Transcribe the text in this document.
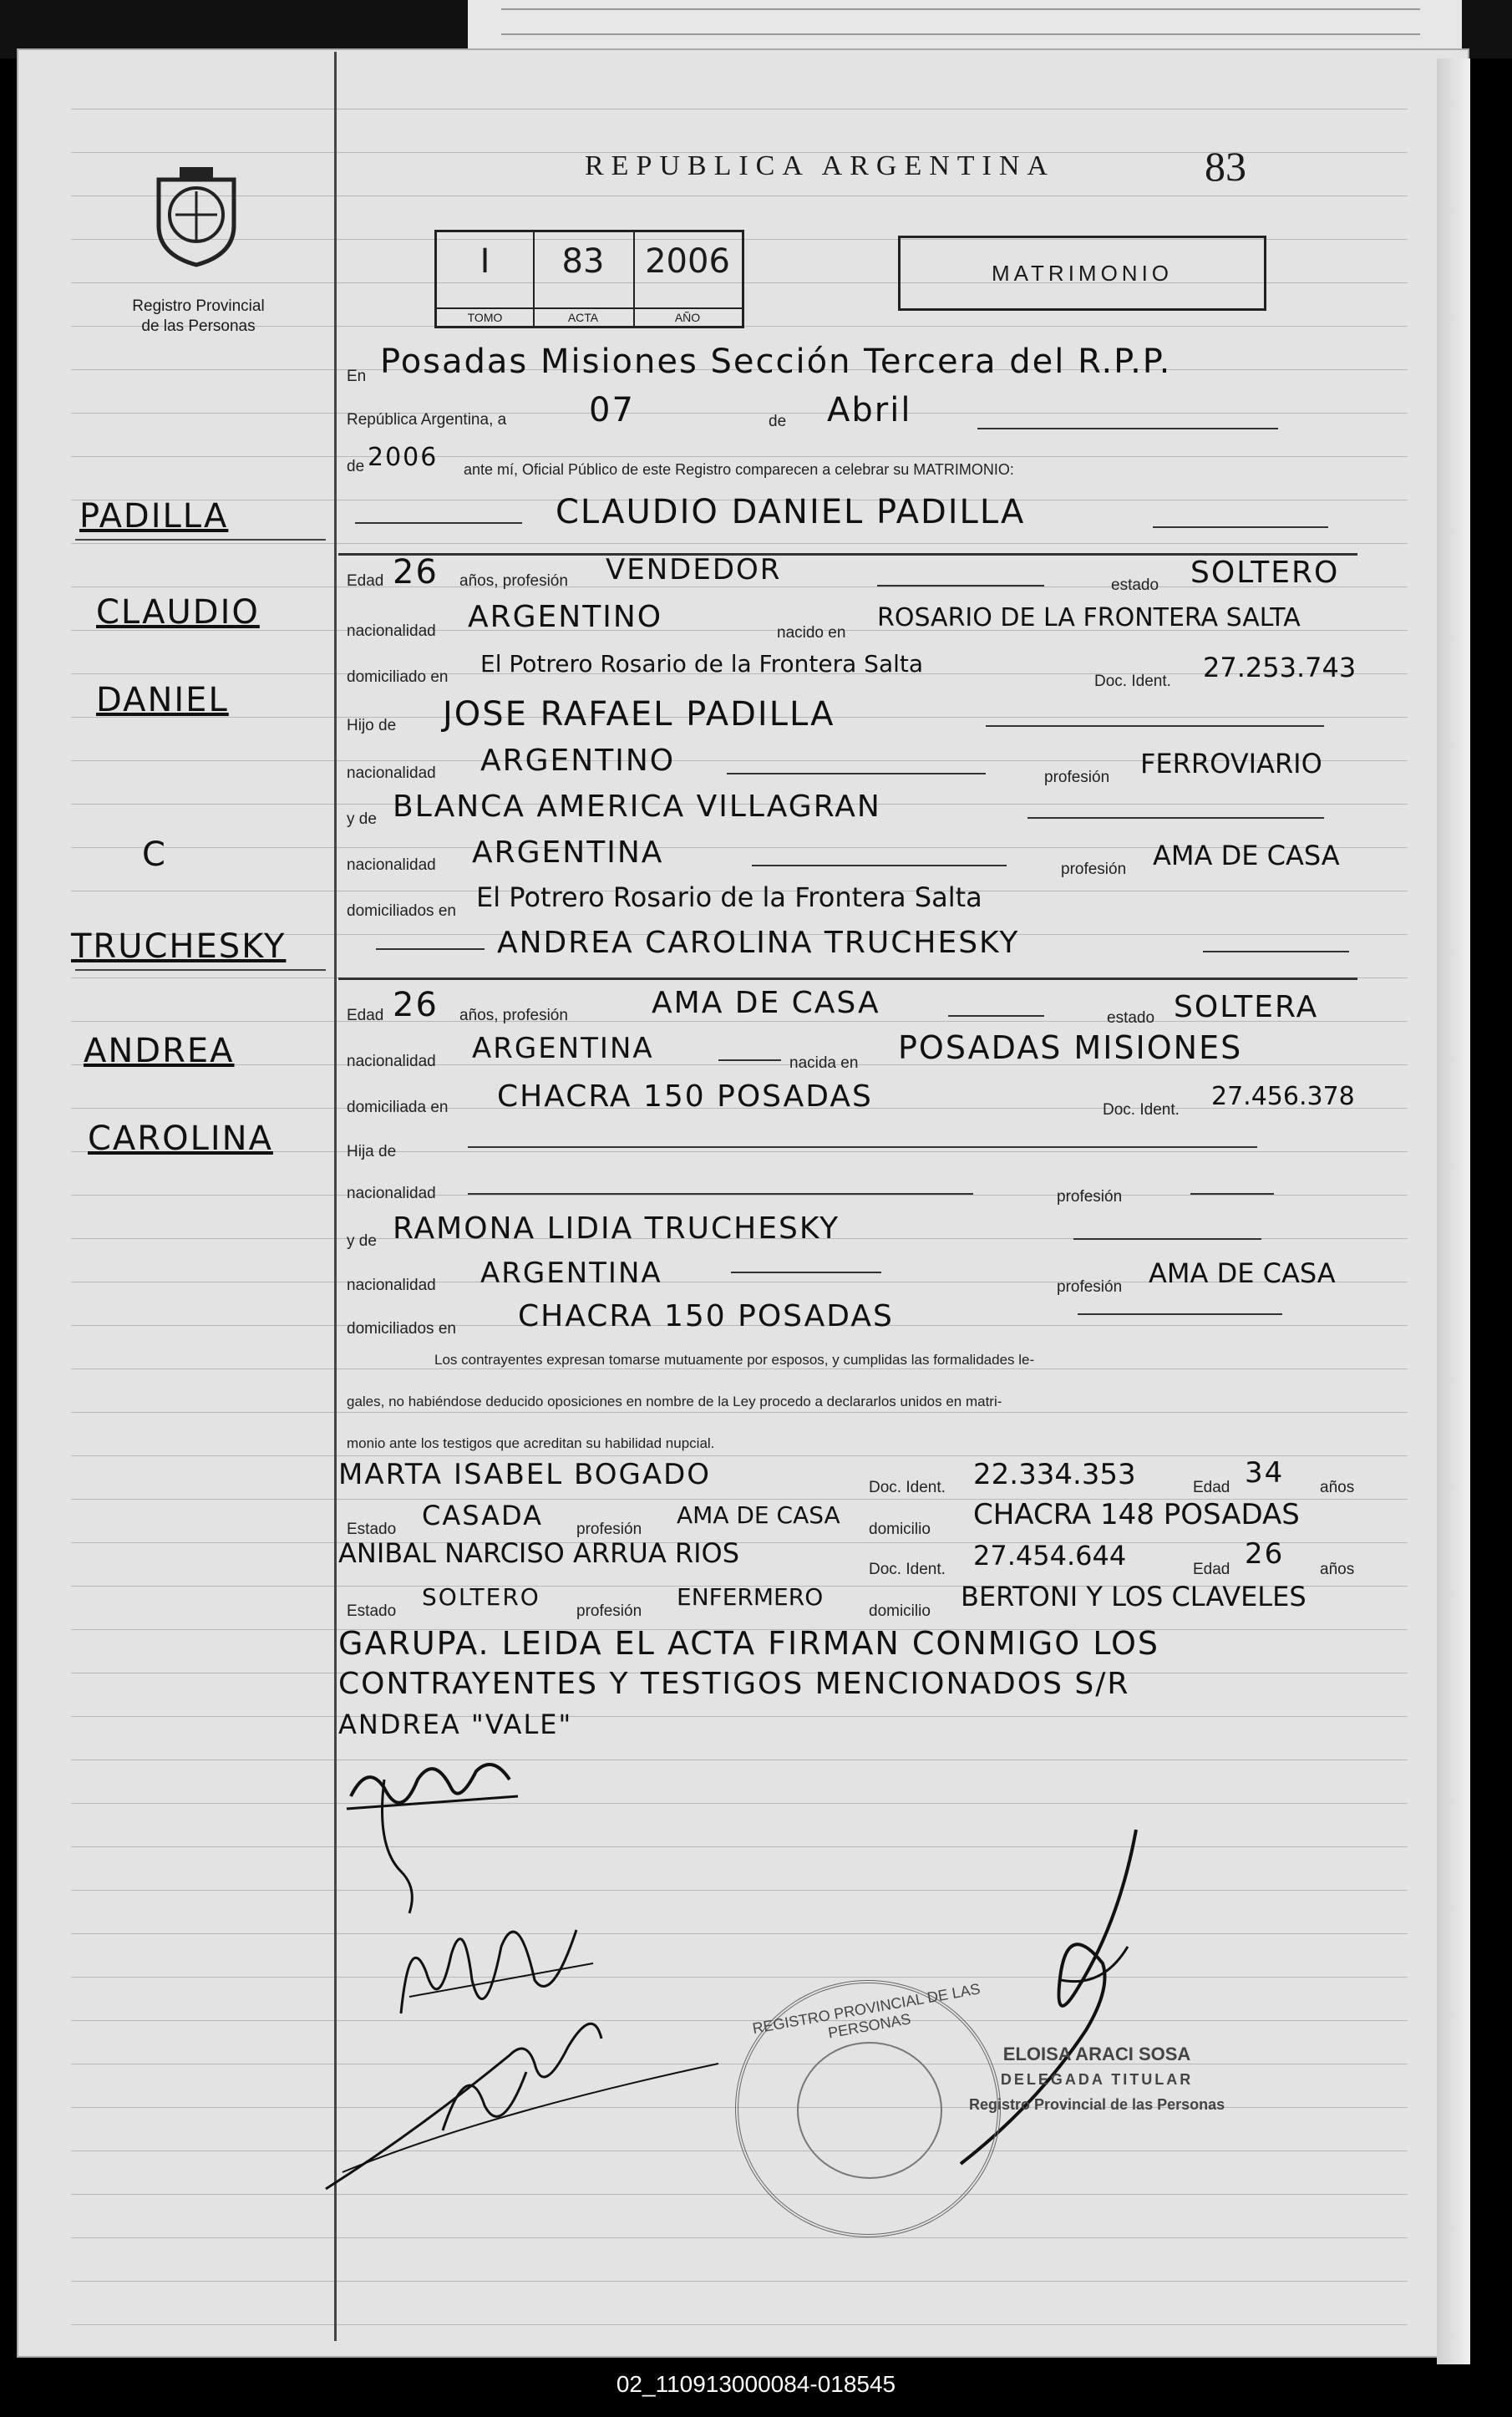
Registro Provincial
de las Personas
REPUBLICA ARGENTINA	83
I
TOMO
83
ACTA
2006
AÑO
MATRIMONIO
PADILLA
CLAUDIO
DANIEL
C
TRUCHESKY
ANDREA
CAROLINA
En Posadas Misiones Sección Tercera del R.P.P.
República Argentina, a 07	de Abril
de 2006 ante mí, Oficial Público de este Registro comparecen a celebrar su MATRIMONIO:
CLAUDIO DANIEL PADILLA
Edad 26 años, profesión VENDEDOR	estado SOLTERO
nacionalidad ARGENTINO	nacido en
ROSARIO DE LA FRONTERA SALTA
domiciliado en El Potrero Rosario de la Frontera Salta
Doc. Ident. 27.253.743
Hijo de JOSE RAFAEL PADILLA
nacionalidad ARGENTINO	profesión FERROVIARIO
y de BLANCA AMERICA VILLAGRAN
nacionalidad ARGENTINA	profesión AMA DE CASA
domiciliados en El Potrero Rosario de la Frontera Salta
ANDREA CAROLINA TRUCHESKY
Edad 26 años, profesión	AMA DE CASA	estado SOLTERA
nacionalidad ARGENTINA	nacida en POSADAS MISIONES
domiciliada en CHACRA 150 POSADAS	Doc. Ident. 27.456.378
Hija de
nacionalidad	profesión
y de RAMONA LIDIA TRUCHESKY
nacionalidad ARGENTINA	profesión AMA DE CASA
domiciliados en CHACRA 150 POSADAS
Los contrayentes expresan tomarse mutuamente por esposos, y cumplidas las formalidades le-
gales, no habiéndose deducido oposiciones en nombre de la Ley procedo a declararlos unidos en matri-
monio ante los testigos que acreditan su habilidad nupcial.
MARTA ISABEL BOGADO	Doc. Ident. 22.334.353	Edad 34 años
Estado CASADA profesión
AMA DE CASA
domicilio CHACRA 148 POSADAS
ANIBAL NARCISO ARRUA RIOS
Doc. Ident. 27.454.644	Edad 26 años
Estado
SOLTERO
profesión
ENFERMERO
domicilio BERTONI Y LOS CLAVELES
GARUPA. LEIDA EL ACTA FIRMAN CONMIGO LOS
CONTRAYENTES Y TESTIGOS MENCIONADOS S/R
ANDREA "VALE"
REGISTRO PROVINCIAL DE LAS PERSONAS
ELOISA ARACI SOSA
DELEGADA TITULAR
Registro Provincial de las Personas
02_110913000084-018545
